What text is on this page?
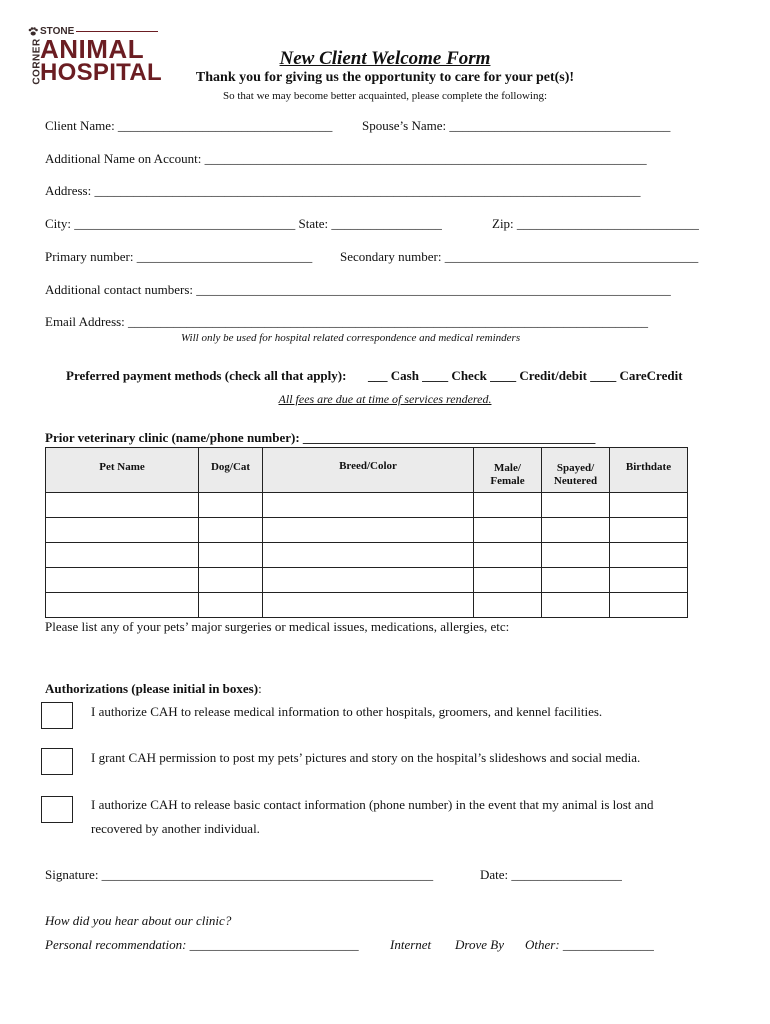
STONE
CORNER
ANIMAL
HOSPITAL
New Client Welcome Form
Thank you for giving us the opportunity to care for your pet(s)!
So that we may become better acquainted, please complete the following:
Client Name: _________________________________ Spouse’s Name: __________________________________
Additional Name on Account: ____________________________________________________________________
Address: ____________________________________________________________________________________
City: __________________________________ State: _________________	Zip: ____________________________
Primary number: ___________________________ Secondary number: _______________________________________
Additional contact numbers: _________________________________________________________________________
Email Address: ________________________________________________________________________________
Will only be used for hospital related correspondence and medical reminders
Preferred payment methods (check all that apply): ___ Cash ____ Check ____ Credit/debit ____ CareCredit
All fees are due at time of services rendered.
Prior veterinary clinic (name/phone number): _____________________________________________
Pet Name	Dog/Cat	Breed/Color	Male/ Female	Spayed/ Neutered	Birthdate

Please list any of your pets’ major surgeries or medical issues, medications, allergies, etc:
Authorizations (please initial in boxes):
I authorize CAH to release medical information to other hospitals, groomers, and kennel facilities.
I grant CAH permission to post my pets’ pictures and story on the hospital’s slideshows and social media.
I authorize CAH to release basic contact information (phone number) in the event that my animal is lost and
recovered by another individual.
Signature: ___________________________________________________	Date: _________________
How did you hear about our clinic?
Personal recommendation: __________________________ Internet Drove By Other: ______________
